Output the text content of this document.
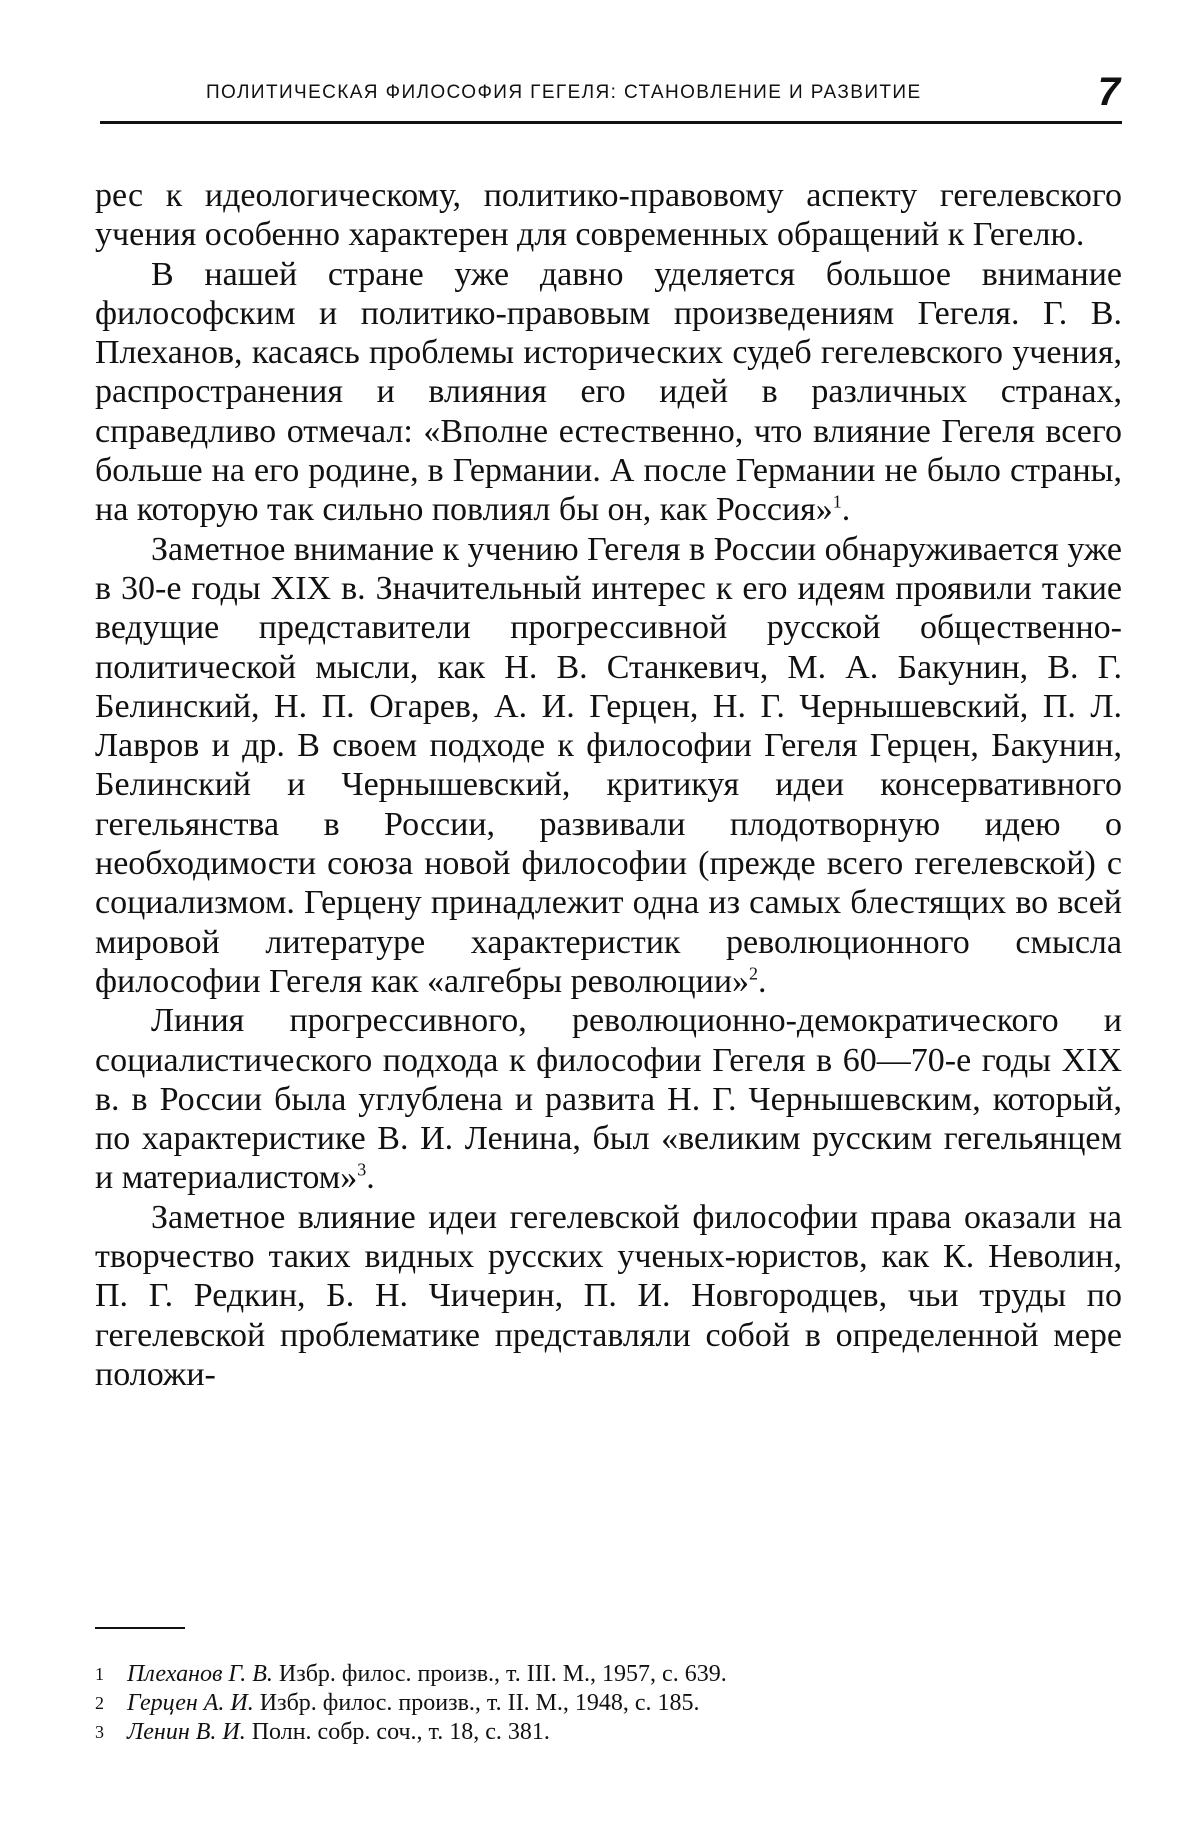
ПОЛИТИЧЕСКАЯ ФИЛОСОФИЯ ГЕГЕЛЯ: СТАНОВЛЕНИЕ И РАЗВИТИЕ	7

рес к идеологическому, политико-правовому аспекту гегелевского учения особенно характерен для современных обращений к Гегелю.

В нашей стране уже давно уделяется большое внимание философским и политико-правовым произведениям Гегеля. Г. В. Плеханов, касаясь проблемы исторических судеб гегелевского учения, распространения и влияния его идей в различных странах, справедливо отмечал: «Вполне естественно, что влияние Гегеля всего больше на его родине, в Германии. А после Германии не было страны, на которую так сильно повлиял бы он, как Россия»$^1$.

Заметное внимание к учению Гегеля в России обнаруживается уже в 30-е годы XIX в. Значительный интерес к его идеям проявили такие ведущие представители прогрессивной русской общественно-политической мысли, как Н. В. Станкевич, М. А. Бакунин, В. Г. Белинский, Н. П. Огарев, А. И. Герцен, Н. Г. Чернышевский, П. Л. Лавров и др. В своем подходе к философии Гегеля Герцен, Бакунин, Белинский и Чернышевский, критикуя идеи консервативного гегельянства в России, развивали плодотворную идею о необходимости союза новой философии (прежде всего гегелевской) с социализмом. Герцену принадлежит одна из самых блестящих во всей мировой литературе характеристик революционного смысла философии Гегеля как «алгебры революции»$^2$.

Линия прогрессивного, революционно-демократического и социалистического подхода к философии Гегеля в 60—70-е годы XIX в. в России была углублена и развита Н. Г. Чернышевским, который, по характеристике В. И. Ленина, был «великим русским гегельянцем и материалистом»$^3$.

Заметное влияние идеи гегелевской философии права оказали на творчество таких видных русских ученых-юристов, как К. Неволин, П. Г. Редкин, Б. Н. Чичерин, П. И. Новгородцев, чьи труды по гегелевской проблематике представляли собой в определенной мере положи-

1 Плеханов Г. В. Избр. филос. произв., т. III. М., 1957, с. 639.
2 Герцен А. И. Избр. филос. произв., т. II. М., 1948, с. 185.
3 Ленин В. И. Полн. собр. соч., т. 18, с. 381.
